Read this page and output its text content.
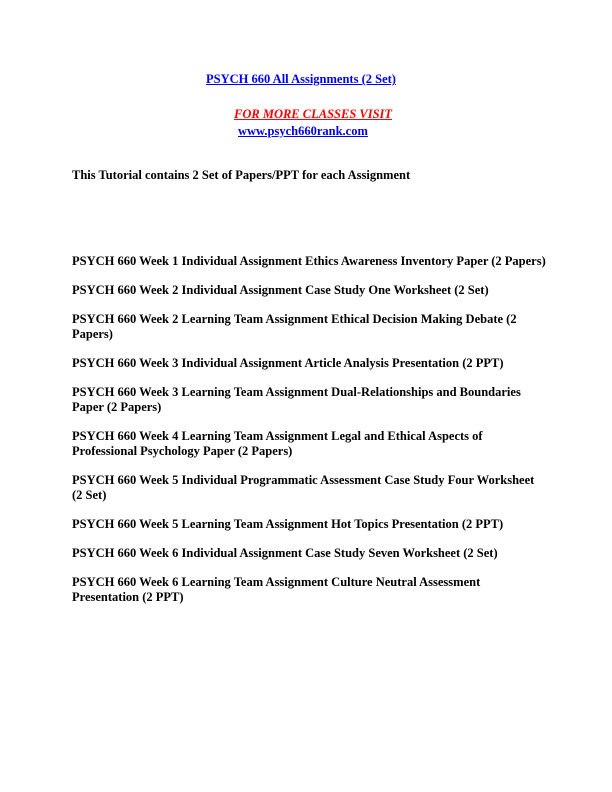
PSYCH 660 All Assignments (2 Set)
FOR MORE CLASSES VISIT
www.psych660rank.com
This Tutorial contains 2 Set of Papers/PPT for each Assignment
PSYCH 660 Week 1 Individual Assignment Ethics Awareness Inventory Paper (2 Papers)
PSYCH 660 Week 2 Individual Assignment Case Study One Worksheet (2 Set)
PSYCH 660 Week 2 Learning Team Assignment Ethical Decision Making Debate (2 Papers)
PSYCH 660 Week 3 Individual Assignment Article Analysis Presentation (2 PPT)
PSYCH 660 Week 3 Learning Team Assignment Dual-Relationships and Boundaries Paper (2 Papers)
PSYCH 660 Week 4 Learning Team Assignment Legal and Ethical Aspects of Professional Psychology Paper (2 Papers)
PSYCH 660 Week 5 Individual Programmatic Assessment Case Study Four Worksheet (2 Set)
PSYCH 660 Week 5 Learning Team Assignment Hot Topics Presentation (2 PPT)
PSYCH 660 Week 6 Individual Assignment Case Study Seven Worksheet (2 Set)
PSYCH 660 Week 6 Learning Team Assignment Culture Neutral Assessment Presentation (2 PPT)
